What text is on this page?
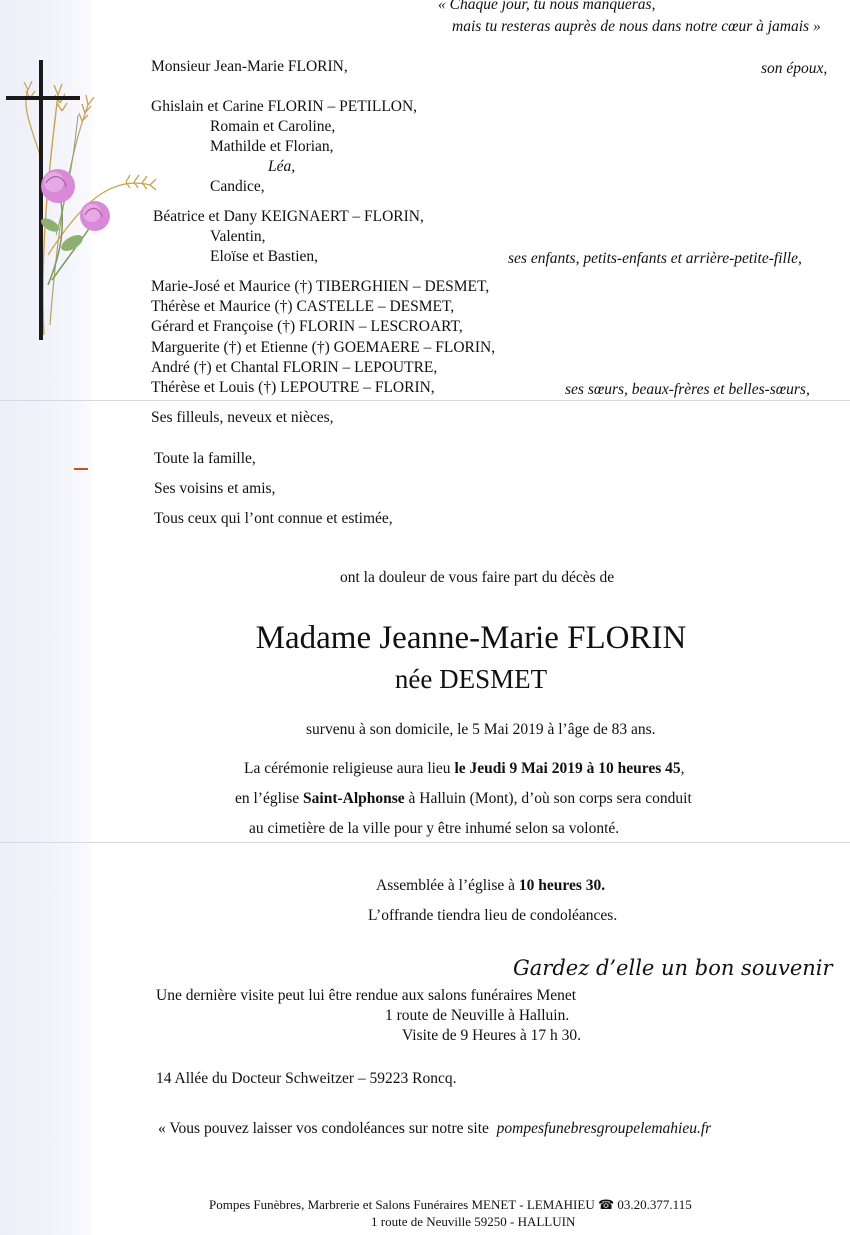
« Chaque jour, tu nous manqueras,
mais tu resteras auprès de nous dans notre cœur à jamais »
Monsieur Jean-Marie FLORIN,	son époux,
Ghislain et Carine FLORIN – PETILLON,
Romain et Caroline,
Mathilde et Florian,
Léa,
Candice,
Béatrice et Dany KEIGNAERT – FLORIN,
Valentin,
Eloïse et Bastien,	ses enfants, petits-enfants et arrière-petite-fille,
Marie-José et Maurice (†) TIBERGHIEN – DESMET,
Thérèse et Maurice (†) CASTELLE – DESMET,
Gérard et Françoise (†) FLORIN – LESCROART,
Marguerite (†) et Etienne (†) GOEMAERE – FLORIN,
André (†) et Chantal FLORIN – LEPOUTRE,
Thérèse et Louis (†) LEPOUTRE – FLORIN,	ses sœurs, beaux-frères et belles-sœurs,
Ses filleuls, neveux et nièces,
Toute la famille,
Ses voisins et amis,
Tous ceux qui l’ont connue et estimée,
ont la douleur de vous faire part du décès de
Madame Jeanne-Marie FLORIN
née DESMET
survenu à son domicile, le 5 Mai 2019 à l’âge de 83 ans.
La cérémonie religieuse aura lieu le Jeudi 9 Mai 2019 à 10 heures 45,
en l’église Saint-Alphonse à Halluin (Mont), d’où son corps sera conduit
au cimetière de la ville pour y être inhumé selon sa volonté.
Assemblée à l’église à 10 heures 30.
L’offrande tiendra lieu de condoléances.
Gardez d’elle un bon souvenir
Une dernière visite peut lui être rendue aux salons funéraires Menet
1 route de Neuville à Halluin.
Visite de 9 Heures à 17 h 30.
14 Allée du Docteur Schweitzer – 59223 Roncq.
« Vous pouvez laisser vos condoléances sur notre site pompesfunebresgroupelemahieu.fr
Pompes Funèbres, Marbrerie et Salons Funéraires MENET - LEMAHIEU ☎ 03.20.377.115
1 route de Neuville 59250 - HALLUIN
